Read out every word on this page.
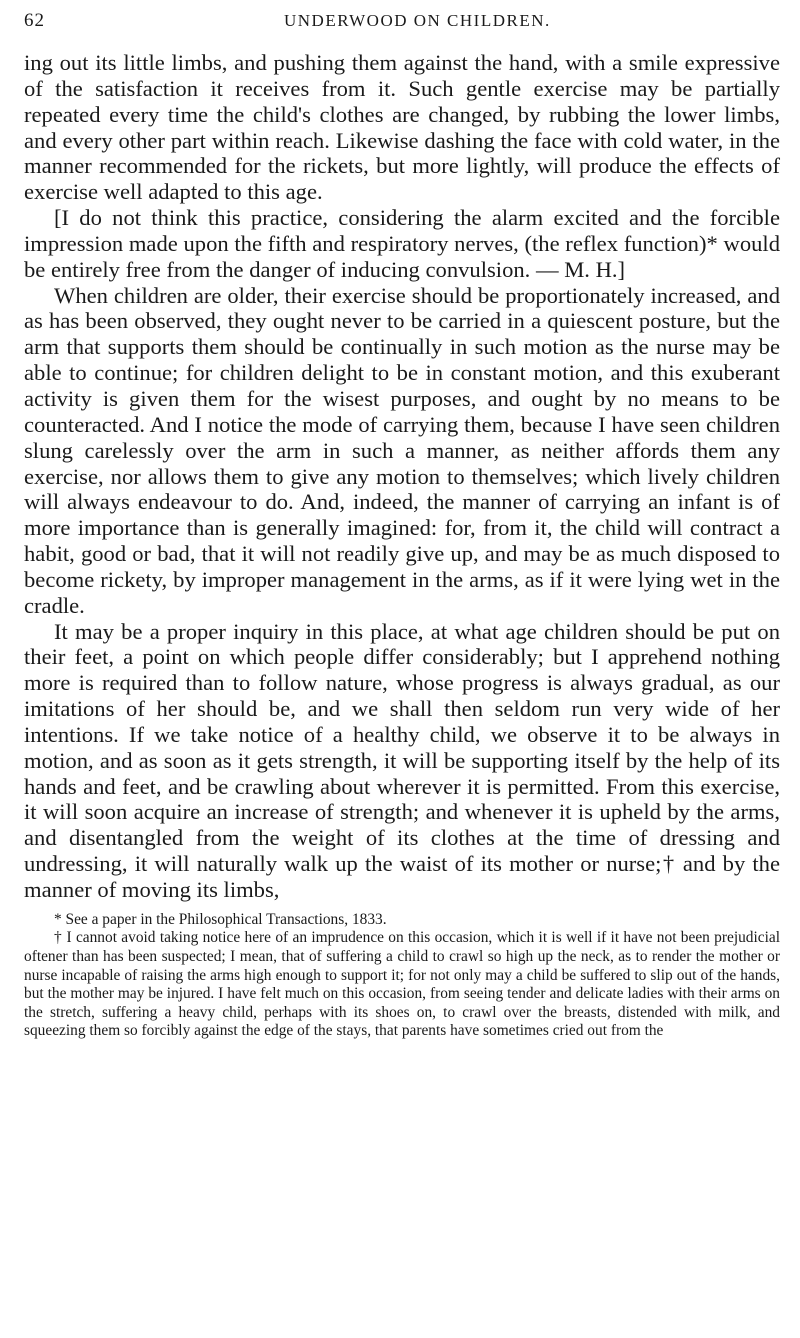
62	UNDERWOOD ON CHILDREN.

ing out its little limbs, and pushing them against the hand, with a smile expressive of the satisfaction it receives from it. Such gentle exercise may be partially repeated every time the child's clothes are changed, by rubbing the lower limbs, and every other part within reach. Likewise dashing the face with cold water, in the manner recommended for the rickets, but more lightly, will produce the effects of exercise well adapted to this age.

[I do not think this practice, considering the alarm excited and the forcible impression made upon the fifth and respiratory nerves, (the reflex function)* would be entirely free from the danger of inducing convulsion. — M. H.]

When children are older, their exercise should be proportionately increased, and as has been observed, they ought never to be carried in a quiescent posture, but the arm that supports them should be continually in such motion as the nurse may be able to continue; for children delight to be in constant motion, and this exuberant activity is given them for the wisest purposes, and ought by no means to be counteracted. And I notice the mode of carrying them, because I have seen children slung carelessly over the arm in such a manner, as neither affords them any exercise, nor allows them to give any motion to themselves; which lively children will always endeavour to do. And, indeed, the manner of carrying an infant is of more importance than is generally imagined: for, from it, the child will contract a habit, good or bad, that it will not readily give up, and may be as much disposed to become rickety, by improper management in the arms, as if it were lying wet in the cradle.

It may be a proper inquiry in this place, at what age children should be put on their feet, a point on which people differ considerably; but I apprehend nothing more is required than to follow nature, whose progress is always gradual, as our imitations of her should be, and we shall then seldom run very wide of her intentions. If we take notice of a healthy child, we observe it to be always in motion, and as soon as it gets strength, it will be supporting itself by the help of its hands and feet, and be crawling about wherever it is permitted. From this exercise, it will soon acquire an increase of strength; and whenever it is upheld by the arms, and disentangled from the weight of its clothes at the time of dressing and undressing, it will naturally walk up the waist of its mother or nurse;† and by the manner of moving its limbs,

* See a paper in the Philosophical Transactions, 1833.

† I cannot avoid taking notice here of an imprudence on this occasion, which it is well if it have not been prejudicial oftener than has been suspected; I mean, that of suffering a child to crawl so high up the neck, as to render the mother or nurse incapable of raising the arms high enough to support it; for not only may a child be suffered to slip out of the hands, but the mother may be injured. I have felt much on this occasion, from seeing tender and delicate ladies with their arms on the stretch, suffering a heavy child, perhaps with its shoes on, to crawl over the breasts, distended with milk, and squeezing them so forcibly against the edge of the stays, that parents have sometimes cried out from the
